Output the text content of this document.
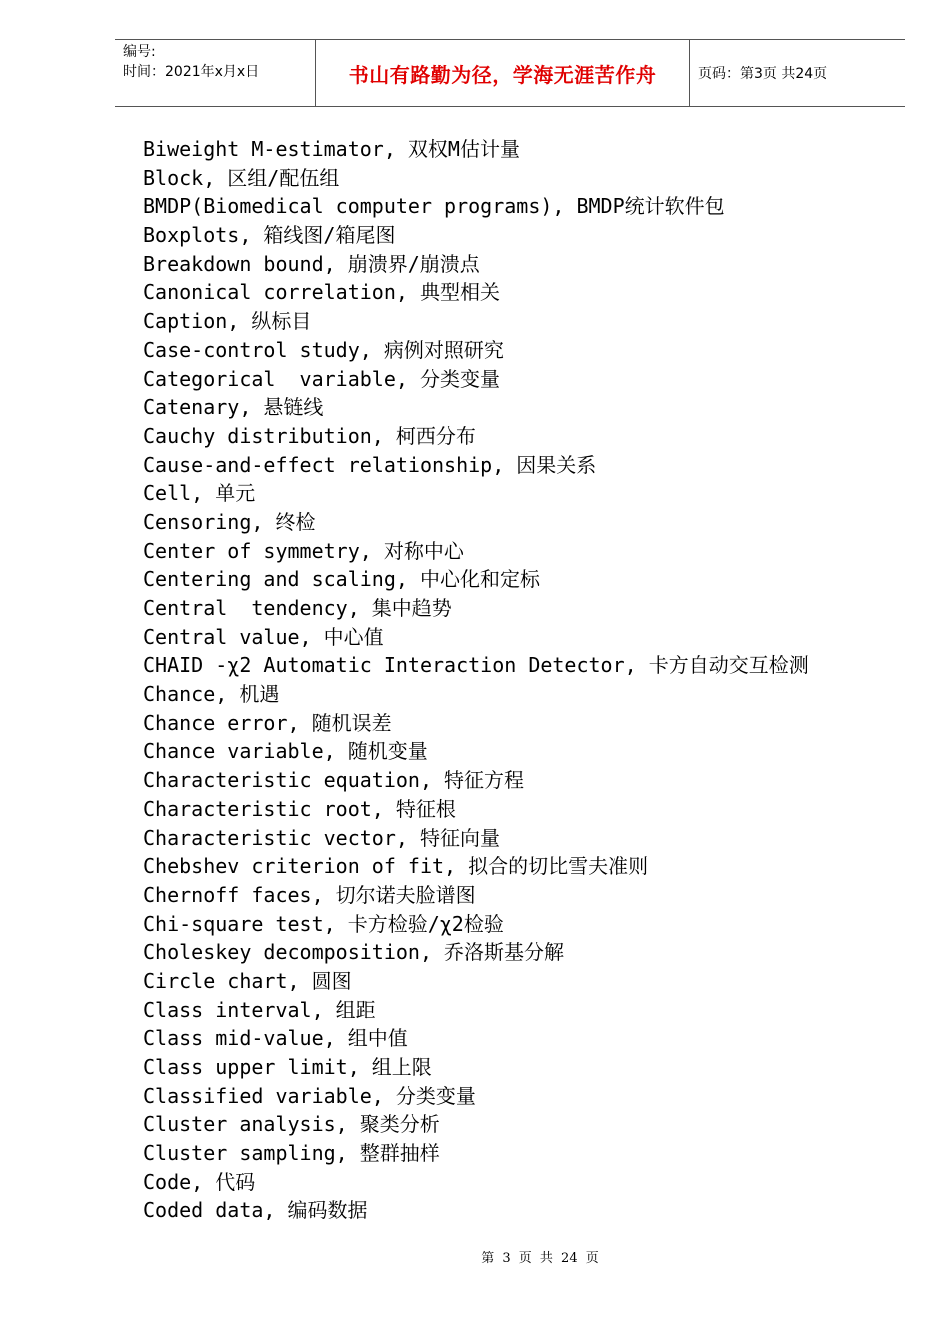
编号:
时间：2021年x月x日	书山有路勤为径，学海无涯苦作舟	页码：第3页 共24页
Biweight M-estimator, 双权M估计量
Block, 区组/配伍组
BMDP(Biomedical computer programs), BMDP统计软件包
Boxplots, 箱线图/箱尾图
Breakdown bound, 崩溃界/崩溃点
Canonical correlation, 典型相关
Caption, 纵标目
Case-control study, 病例对照研究
Categorical  variable, 分类变量
Catenary, 悬链线
Cauchy distribution, 柯西分布
Cause-and-effect relationship, 因果关系
Cell, 单元
Censoring, 终检
Center of symmetry, 对称中心
Centering and scaling, 中心化和定标
Central  tendency, 集中趋势
Central value, 中心值
CHAID -χ2 Automatic Interaction Detector, 卡方自动交互检测
Chance, 机遇
Chance error, 随机误差
Chance variable, 随机变量
Characteristic equation, 特征方程
Characteristic root, 特征根
Characteristic vector, 特征向量
Chebshev criterion of fit, 拟合的切比雪夫准则
Chernoff faces, 切尔诺夫脸谱图
Chi-square test, 卡方检验/χ2检验
Choleskey decomposition, 乔洛斯基分解
Circle chart, 圆图
Class interval, 组距
Class mid-value, 组中值
Class upper limit, 组上限
Classified variable, 分类变量
Cluster analysis, 聚类分析
Cluster sampling, 整群抽样
Code, 代码
Coded data, 编码数据
第 3 页 共 24 页
